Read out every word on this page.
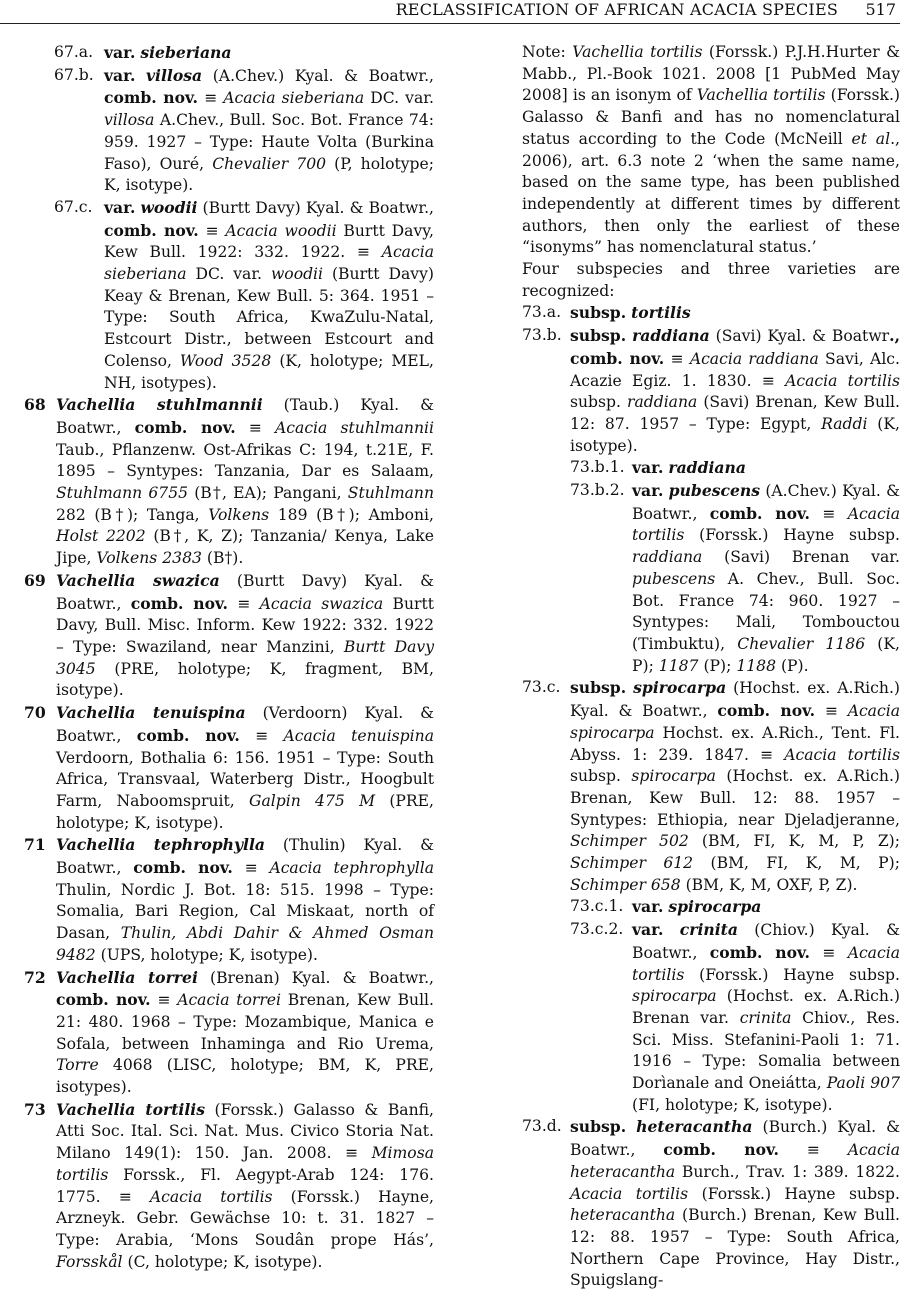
RECLASSIFICATION OF AFRICAN ACACIA SPECIES 517

67.a. var. sieberiana

67.b. var. villosa (A.Chev.) Kyal. & Boatwr., comb. nov. ≡ Acacia sieberiana DC. var. villosa A.Chev., Bull. Soc. Bot. France 74: 959. 1927 – Type: Haute Volta (Burkina Faso), Ouré, Chevalier 700 (P, holotype; K, isotype).

67.c. var. woodii (Burtt Davy) Kyal. & Boatwr., comb. nov. ≡ Acacia woodii Burtt Davy, Kew Bull. 1922: 332. 1922. ≡ Acacia sieberiana DC. var. woodii (Burtt Davy) Keay & Brenan, Kew Bull. 5: 364. 1951 – Type: South Africa, KwaZulu-Natal, Estcourt Distr., between Estcourt and Colenso, Wood 3528 (K, holotype; MEL, NH, isotypes).

68 Vachellia stuhlmannii (Taub.) Kyal. & Boatwr., comb. nov. ≡ Acacia stuhlmannii Taub., Pflanzenw. Ost-Afrikas C: 194, t.21E, F. 1895 – Syntypes: Tanzania, Dar es Salaam, Stuhlmann 6755 (B†, EA); Pangani, Stuhlmann 282 (B†); Tanga, Volkens 189 (B†); Amboni, Holst 2202 (B†, K, Z); Tanzania/ Kenya, Lake Jipe, Volkens 2383 (B†).

69 Vachellia swazica (Burtt Davy) Kyal. & Boatwr., comb. nov. ≡ Acacia swazica Burtt Davy, Bull. Misc. Inform. Kew 1922: 332. 1922 – Type: Swaziland, near Manzini, Burtt Davy 3045 (PRE, holotype; K, fragment, BM, isotype).

70 Vachellia tenuispina (Verdoorn) Kyal. & Boatwr., comb. nov. ≡ Acacia tenuispina Verdoorn, Bothalia 6: 156. 1951 – Type: South Africa, Transvaal, Waterberg Distr., Hoogbult Farm, Naboomspruit, Galpin 475 M (PRE, holotype; K, isotype).

71 Vachellia tephrophylla (Thulin) Kyal. & Boatwr., comb. nov. ≡ Acacia tephrophylla Thulin, Nordic J. Bot. 18: 515. 1998 – Type: Somalia, Bari Region, Cal Miskaat, north of Dasan, Thulin, Abdi Dahir & Ahmed Osman 9482 (UPS, holotype; K, isotype).

72 Vachellia torrei (Brenan) Kyal. & Boatwr., comb. nov. ≡ Acacia torrei Brenan, Kew Bull. 21: 480. 1968 – Type: Mozambique, Manica e Sofala, between Inhaminga and Rio Urema, Torre 4068 (LISC, holotype; BM, K, PRE, isotypes).

73 Vachellia tortilis (Forssk.) Galasso & Banfi, Atti Soc. Ital. Sci. Nat. Mus. Civico Storia Nat. Milano 149(1): 150. Jan. 2008. ≡ Mimosa tortilis Forssk., Fl. Aegypt-Arab 124: 176. 1775. ≡ Acacia tortilis (Forssk.) Hayne, Arzneyk. Gebr. Gewächse 10: t. 31. 1827 – Type: Arabia, ‘Mons Soudân prope Hás’, Forsskål (C, holotype; K, isotype).

Note: Vachellia tortilis (Forssk.) P.J.H.Hurter & Mabb., Pl.-Book 1021. 2008 [1 PubMed May 2008] is an isonym of Vachellia tortilis (Forssk.) Galasso & Banfi and has no nomenclatural status according to the Code (McNeill et al., 2006), art. 6.3 note 2 ‘when the same name, based on the same type, has been published independently at different times by different authors, then only the earliest of these “isonyms” has nomenclatural status.’

Four subspecies and three varieties are recognized:

73.a. subsp. tortilis

73.b. subsp. raddiana (Savi) Kyal. & Boatwr., comb. nov. ≡ Acacia raddiana Savi, Alc. Acazie Egiz. 1. 1830. ≡ Acacia tortilis subsp. raddiana (Savi) Brenan, Kew Bull. 12: 87. 1957 – Type: Egypt, Raddi (K, isotype).

73.b.1. var. raddiana

73.b.2. var. pubescens (A.Chev.) Kyal. & Boatwr., comb. nov. ≡ Acacia tortilis (Forssk.) Hayne subsp. raddiana (Savi) Brenan var. pubescens A. Chev., Bull. Soc. Bot. France 74: 960. 1927 – Syntypes: Mali, Tombouctou (Timbuktu), Chevalier 1186 (K, P); 1187 (P); 1188 (P).

73.c. subsp. spirocarpa (Hochst. ex. A.Rich.) Kyal. & Boatwr., comb. nov. ≡ Acacia spirocarpa Hochst. ex. A.Rich., Tent. Fl. Abyss. 1: 239. 1847. ≡ Acacia tortilis subsp. spirocarpa (Hochst. ex. A.Rich.) Brenan, Kew Bull. 12: 88. 1957 – Syntypes: Ethiopia, near Djeladjeranne, Schimper 502 (BM, FI, K, M, P, Z); Schimper 612 (BM, FI, K, M, P); Schimper 658 (BM, K, M, OXF, P, Z).

73.c.1. var. spirocarpa

73.c.2. var. crinita (Chiov.) Kyal. & Boatwr., comb. nov. ≡ Acacia tortilis (Forssk.) Hayne subsp. spirocarpa (Hochst. ex. A.Rich.) Brenan var. crinita Chiov., Res. Sci. Miss. Stefanini-Paoli 1: 71. 1916 – Type: Somalia between Dorìanale and Oneiátta, Paoli 907 (FI, holotype; K, isotype).

73.d. subsp. heteracantha (Burch.) Kyal. & Boatwr., comb. nov. ≡ Acacia heteracantha Burch., Trav. 1: 389. 1822. Acacia tortilis (Forssk.) Hayne subsp. heteracantha (Burch.) Brenan, Kew Bull. 12: 88. 1957 – Type: South Africa, Northern Cape Province, Hay Distr., Spuigslang-
